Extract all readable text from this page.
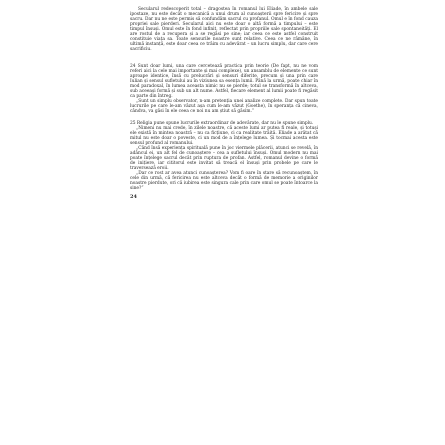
Secularul redescoperit total – dragostea în romanul lui Eliade, în ambele sale ipostaze, nu este decât o mecanică a unui drum al cunoașterii spre fericire și spre sacru. Dar nu ne este permis să confundăm sacrul cu profanul. Omul e în fond cauza propriei sale pierderi. Secularul aici nu este doar o altă formă a timpului – este timpul însuși. Omul este în fond infinit, reflectat prin propriile sale spontaneități. El are rostul de a recupera și a se regăsi pe sine; iar ceea ce este astfel construit constituie viața sa. Toate sensurile noastre sunt relative. Ceea ce ne rămâne, în ultimă instanță, este doar ceea ce trăim cu adevărat – un lucru simplu, dar care cere sacrificiu.

24 Sunt doar lumi, una care cercetează practica prin teorie (De fapt, nu ne vom referi aici la cele mai importante și mai complexe), un ansamblu de elemente ce sunt aproape identice, însă cu prelucrări și sensuri diferite, precum și una prin care Iulian și sensul sufletului au în viziunea sa esența lumii. Până la urmă, poate chiar în mod paradoxal, în lumea aceasta nimic nu se pierde; totul se transformă în altceva, sub aceeași formă și sub un alt nume. Astfel, fiecare element al lumii poate fi regăsit ca parte din întreg.

„Sunt un simplu observator, n-am pretenția unei analize complete. Dar spun toate lucrurile pe care le-am văzut așa cum le-am văzut (Goethe), în speranța că cineva, cândva, va găsi în ele ceea ce noi nu am știut să găsim.”

25 Religia pune spune lucrurile extraordinar de adevărate, dar nu le spune simplu.

„Nimeni nu mai crede, în zilele noastre, că aceste lumi ar putea fi reale, și totuși ele există în mintea noastră – nu ca ficțiune, ci ca realitate trăită. Eliade a arătat că mitul nu este doar o poveste, ci un mod de a înțelege lumea. Și tocmai acesta este sensul profund al romanului.

„Când însă experiența spirituală pune în joc viermele plăcerii, atunci se revelă, în adâncul ei, un alt fel de cunoaștere – cea a sufletului însuși. Omul modern nu mai poate înțelege sacrul decât prin ruptura de profan. Astfel, romanul devine o formă de inițiere, iar cititorul este invitat să treacă el însuși prin probele pe care le traversează eroii.

„Dar ce rost ar avea atunci cunoașterea? Vom fi oare în stare să recunoaștem, în cele din urmă, că fericirea nu este altceva decât o formă de memorie a originilor noastre pierdute, ori că iubirea este singura cale prin care omul se poate întoarce la sine?”

24
